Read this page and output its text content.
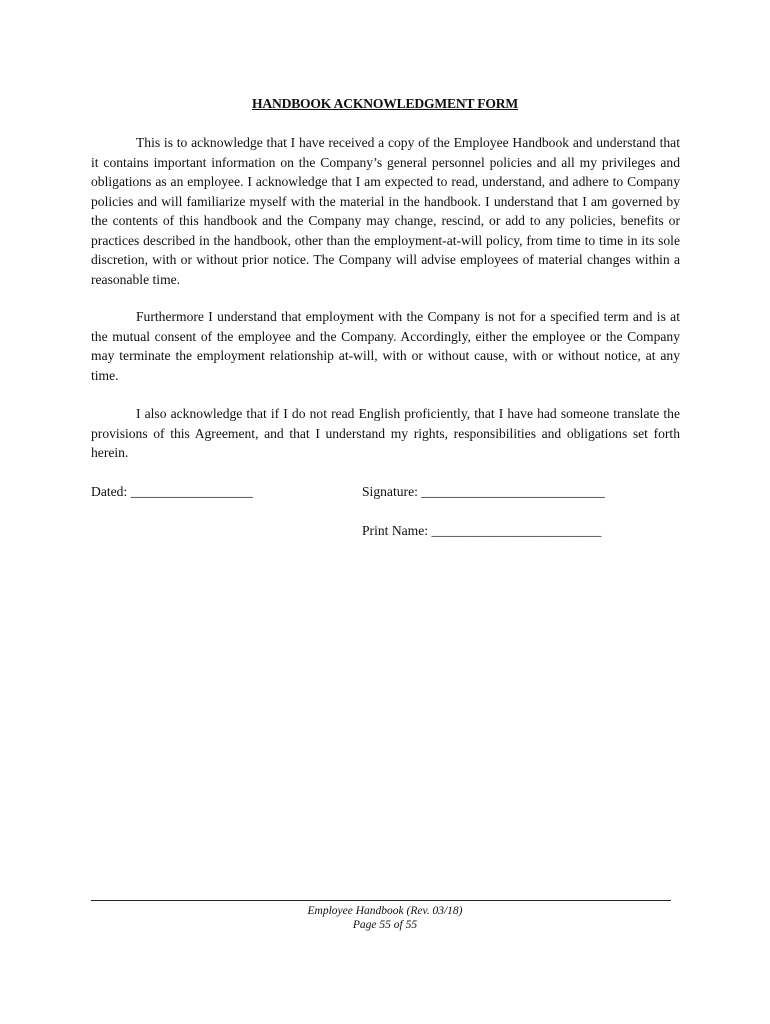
HANDBOOK ACKNOWLEDGMENT FORM

This is to acknowledge that I have received a copy of the Employee Handbook and understand that it contains important information on the Company’s general personnel policies and all my privileges and obligations as an employee. I acknowledge that I am expected to read, understand, and adhere to Company policies and will familiarize myself with the material in the handbook. I understand that I am governed by the contents of this handbook and the Company may change, rescind, or add to any policies, benefits or practices described in the handbook, other than the employment-at-will policy, from time to time in its sole discretion, with or without prior notice. The Company will advise employees of material changes within a reasonable time.

Furthermore I understand that employment with the Company is not for a specified term and is at the mutual consent of the employee and the Company. Accordingly, either the employee or the Company may terminate the employment relationship at-will, with or without cause, with or without notice, at any time.

I also acknowledge that if I do not read English proficiently, that I have had someone translate the provisions of this Agreement, and that I understand my rights, responsibilities and obligations set forth herein.

Dated: __________________	Signature: ___________________________
Print Name: _________________________
Employee Handbook (Rev. 03/18)
Page 55 of 55
